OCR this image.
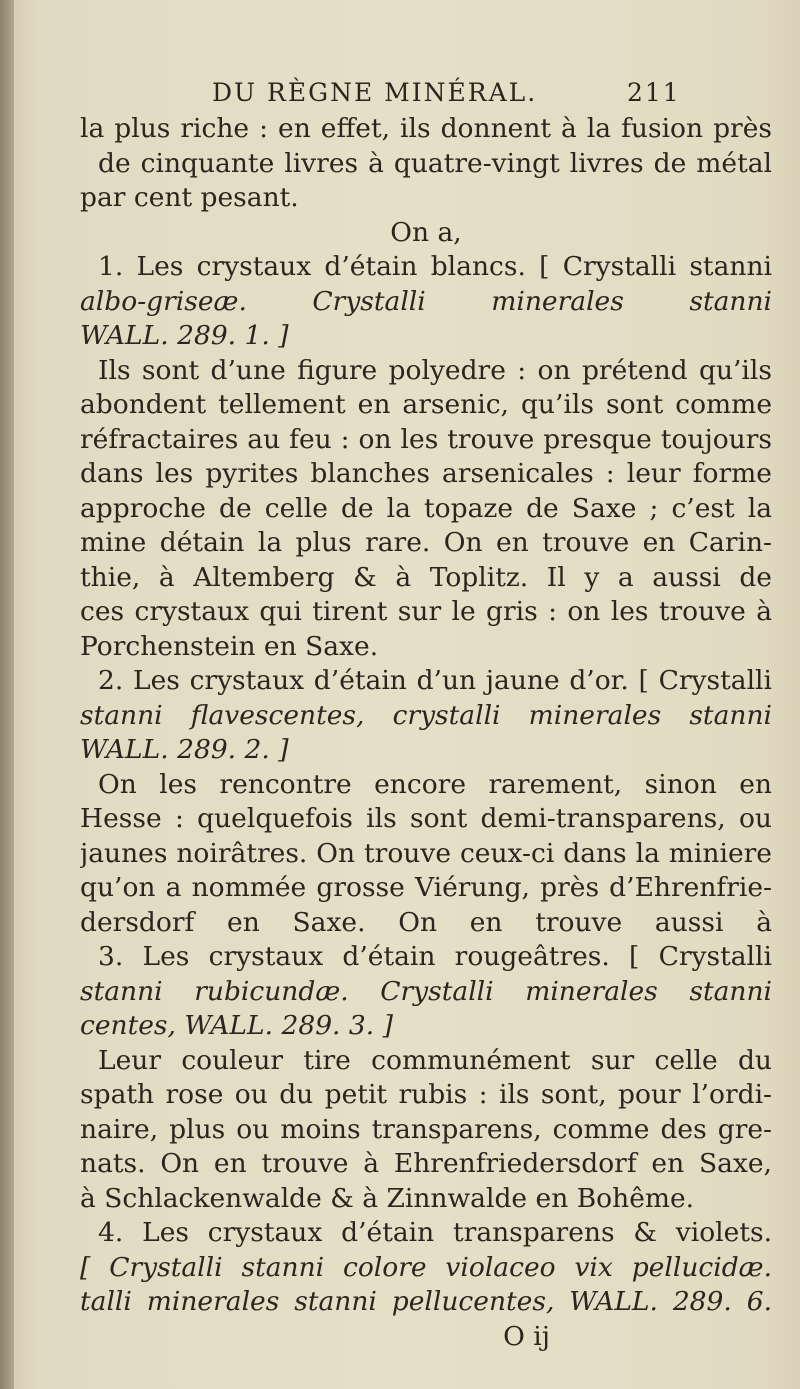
DU RÈGNE MINÉRAL.	211
la plus riche : en effet, ils donnent à la fusion près
de cinquante livres à quatre-vingt livres de métal
par cent pesant.
On a,
1. Les crystaux d’étain blancs. [ Crystalli stanni
albo-griseæ. Crystalli minerales stanni
WALL. 289. 1. ]
Ils sont d’une figure polyedre : on prétend qu’ils
abondent tellement en arsenic, qu’ils sont comme
réfractaires au feu : on les trouve presque toujours
dans les pyrites blanches arsenicales : leur forme
approche de celle de la topaze de Saxe ; c’est la
mine détain la plus rare. On en trouve en Carin-
thie, à Altemberg & à Toplitz. Il y a aussi de
ces crystaux qui tirent sur le gris : on les trouve à
Porchenstein en Saxe.
2. Les crystaux d’étain d’un jaune d’or. [ Crystalli
stanni flavescentes, crystalli minerales stanni
WALL. 289. 2. ]
On les rencontre encore rarement, sinon en
Hesse : quelquefois ils sont demi-transparens, ou
jaunes noirâtres. On trouve ceux-ci dans la miniere
qu’on a nommée grosse Viérung, près d’Ehrenfrie-
dersdorf en Saxe. On en trouve aussi à
3. Les crystaux d’étain rougeâtres. [ Crystalli
stanni rubicundæ. Crystalli minerales stanni
centes, WALL. 289. 3. ]
Leur couleur tire communément sur celle du
spath rose ou du petit rubis : ils sont, pour l’ordi-
naire, plus ou moins transparens, comme des gre-
nats. On en trouve à Ehrenfriedersdorf en Saxe,
à Schlackenwalde & à Zinnwalde en Bohême.
4. Les crystaux d’étain transparens & violets.
[ Crystalli stanni colore violaceo vix pellucidæ.
talli minerales stanni pellucentes, WALL. 289. 6.
O ij
